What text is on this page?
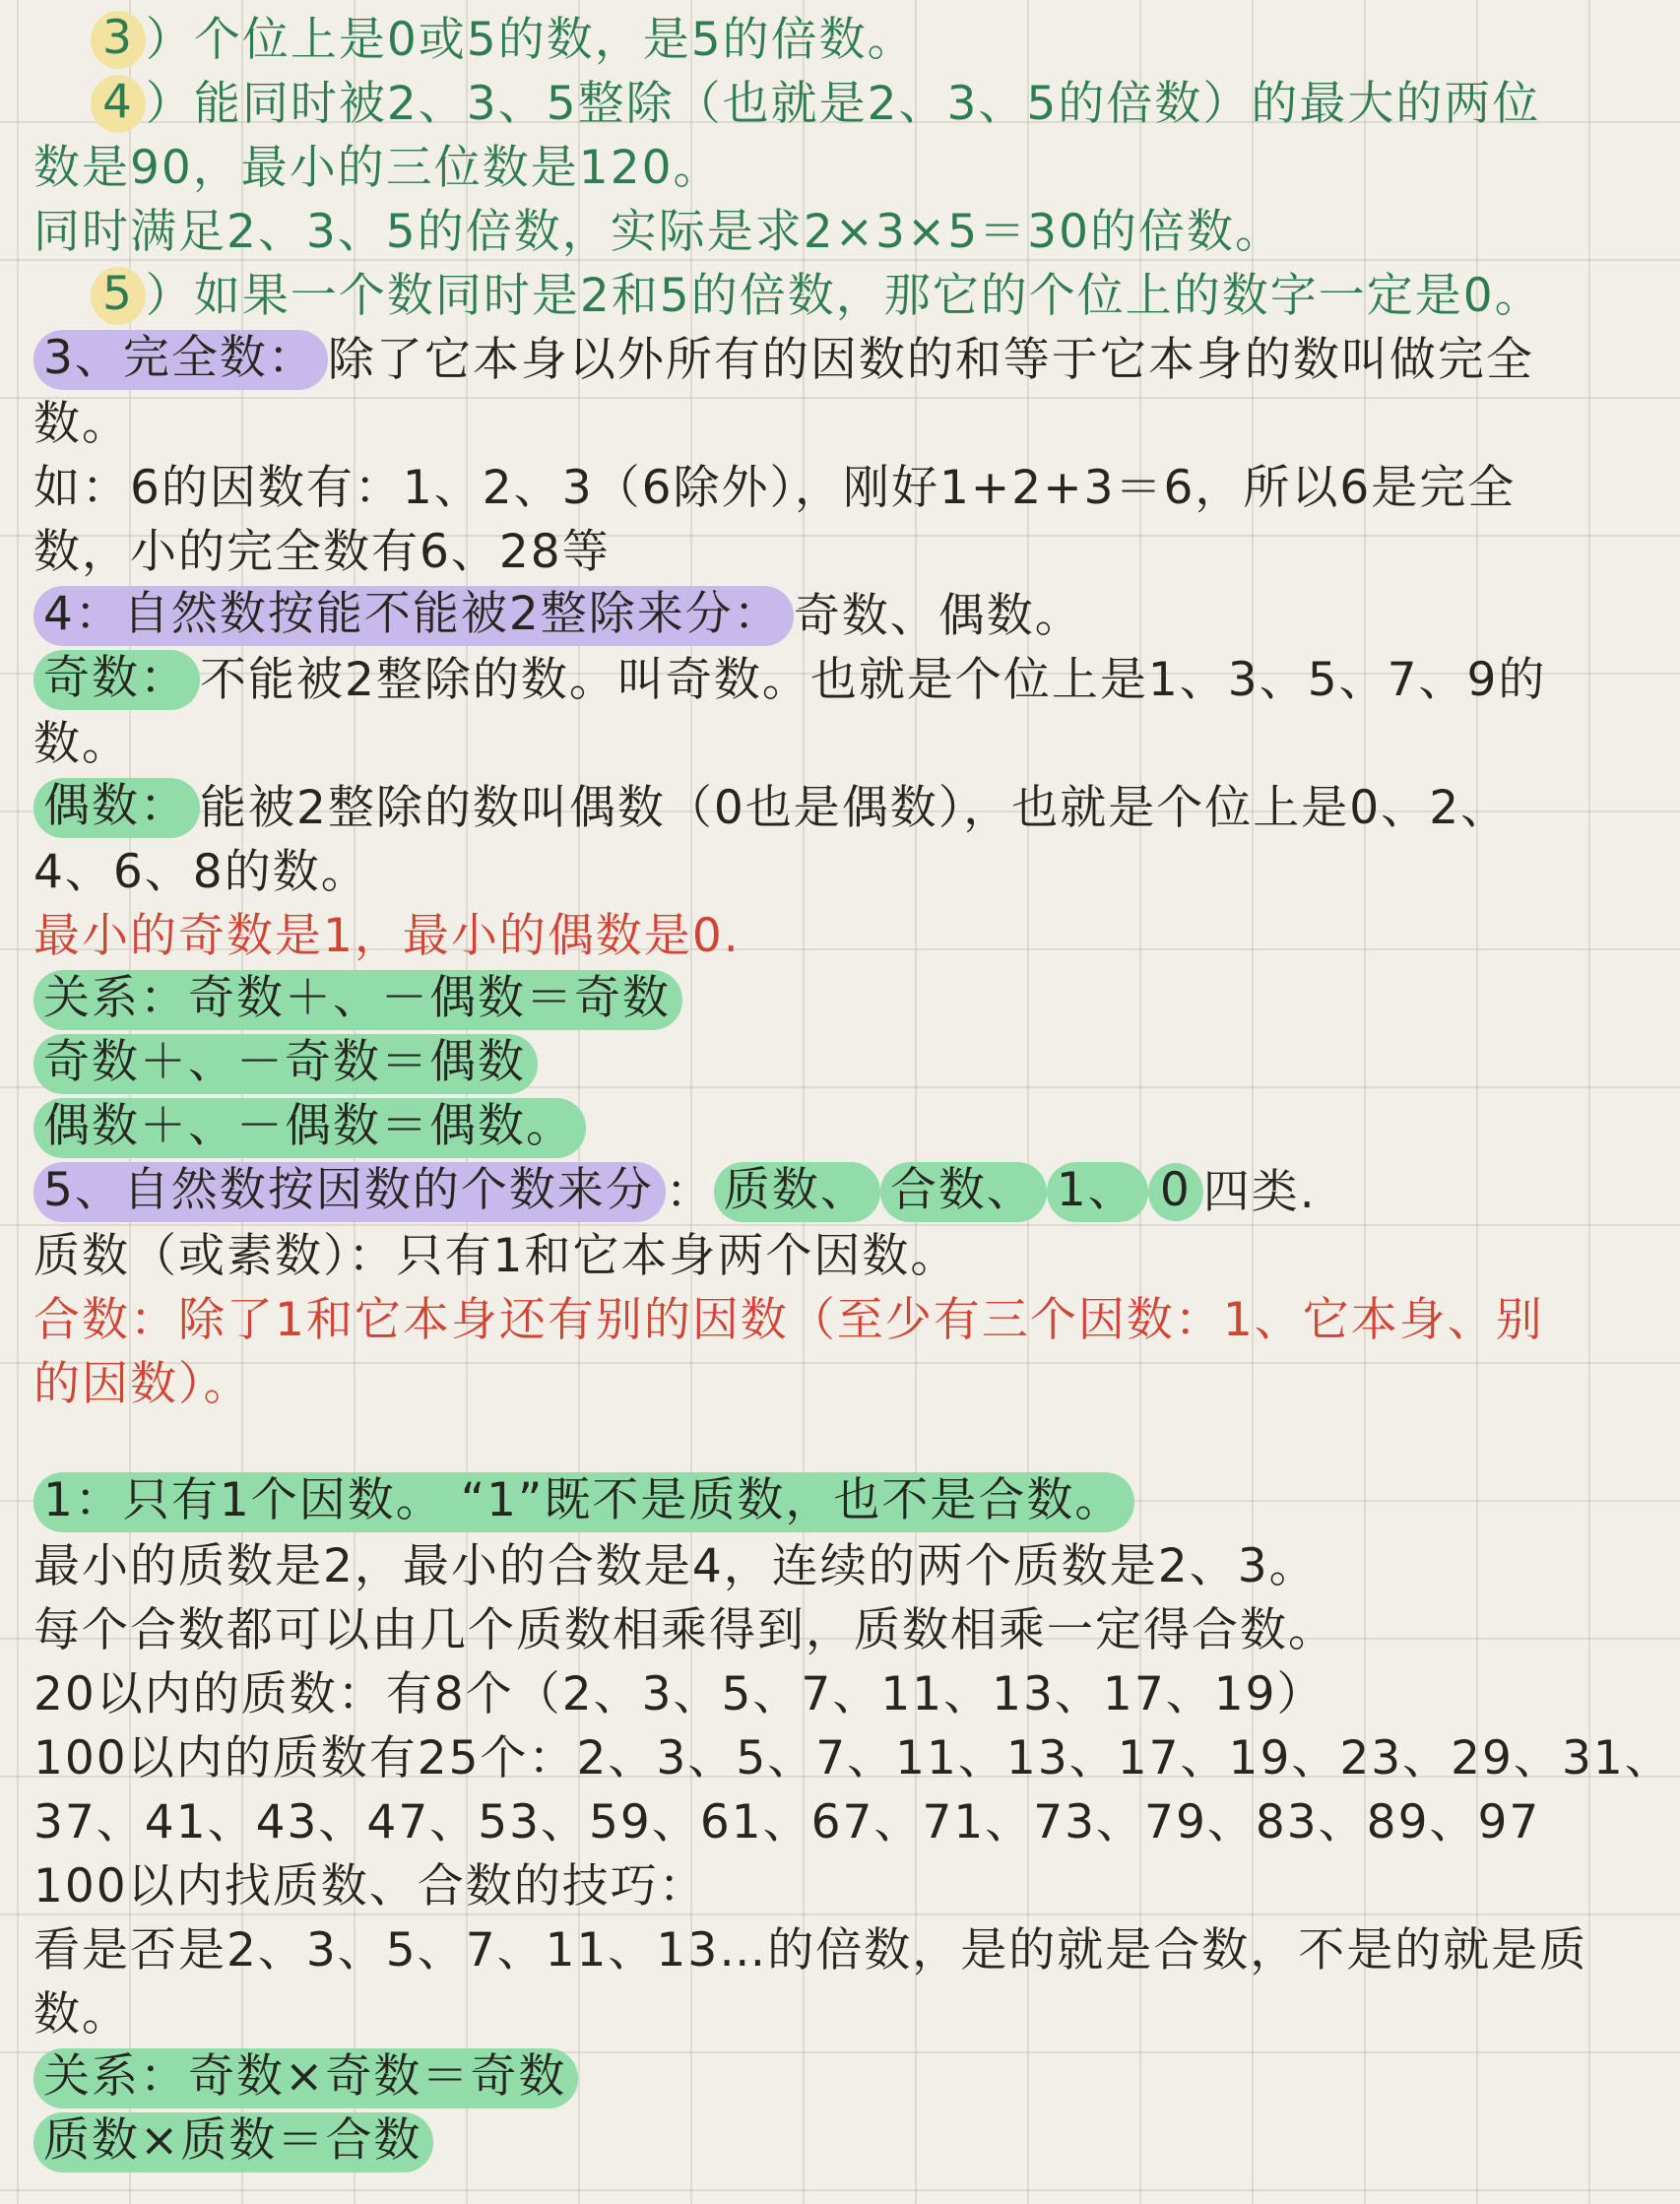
3 ）个位上是0或5的数，是5的倍数。
4 ）能同时被2、3、5整除（也就是2、3、5的倍数）的最大的两位
数是90，最小的三位数是120。
同时满足2、3、5的倍数，实际是求2×3×5＝30的倍数。
5 ）如果一个数同时是2和5的倍数，那它的个位上的数字一定是0。
3、完全数： 除了它本身以外所有的因数的和等于它本身的数叫做完全
数。
如：6的因数有：1、2、3（6除外），刚好1+2+3＝6，所以6是完全
数，小的完全数有6、28等
4：自然数按能不能被2整除来分： 奇数、偶数。
奇数： 不能被2整除的数。叫奇数。也就是个位上是1、3、5、7、9的
数。
偶数： 能被2整除的数叫偶数（0也是偶数），也就是个位上是0、2、
4、6、8的数。
最小的奇数是1，最小的偶数是0.
关系：奇数＋、－偶数＝奇数
奇数＋、－奇数＝偶数
偶数＋、－偶数＝偶数。
5、自然数按因数的个数来分 ： 质数、 合数、 1、 0 四类.
质数（或素数）：只有1和它本身两个因数。
合数：除了1和它本身还有别的因数（至少有三个因数：1、它本身、别
的因数）。
1：只有1个因数。 “1”既不是质数，也不是合数。
最小的质数是2，最小的合数是4，连续的两个质数是2、3。
每个合数都可以由几个质数相乘得到，质数相乘一定得合数。
20以内的质数：有8个（2、3、5、7、11、13、17、19）
100以内的质数有25个：2、3、5、7、11、13、17、19、23、29、31、
37、41、43、47、53、59、61、67、71、73、79、83、89、97
100以内找质数、合数的技巧：
看是否是2、3、5、7、11、13…的倍数，是的就是合数，不是的就是质
数。
关系：奇数×奇数＝奇数
质数×质数＝合数
